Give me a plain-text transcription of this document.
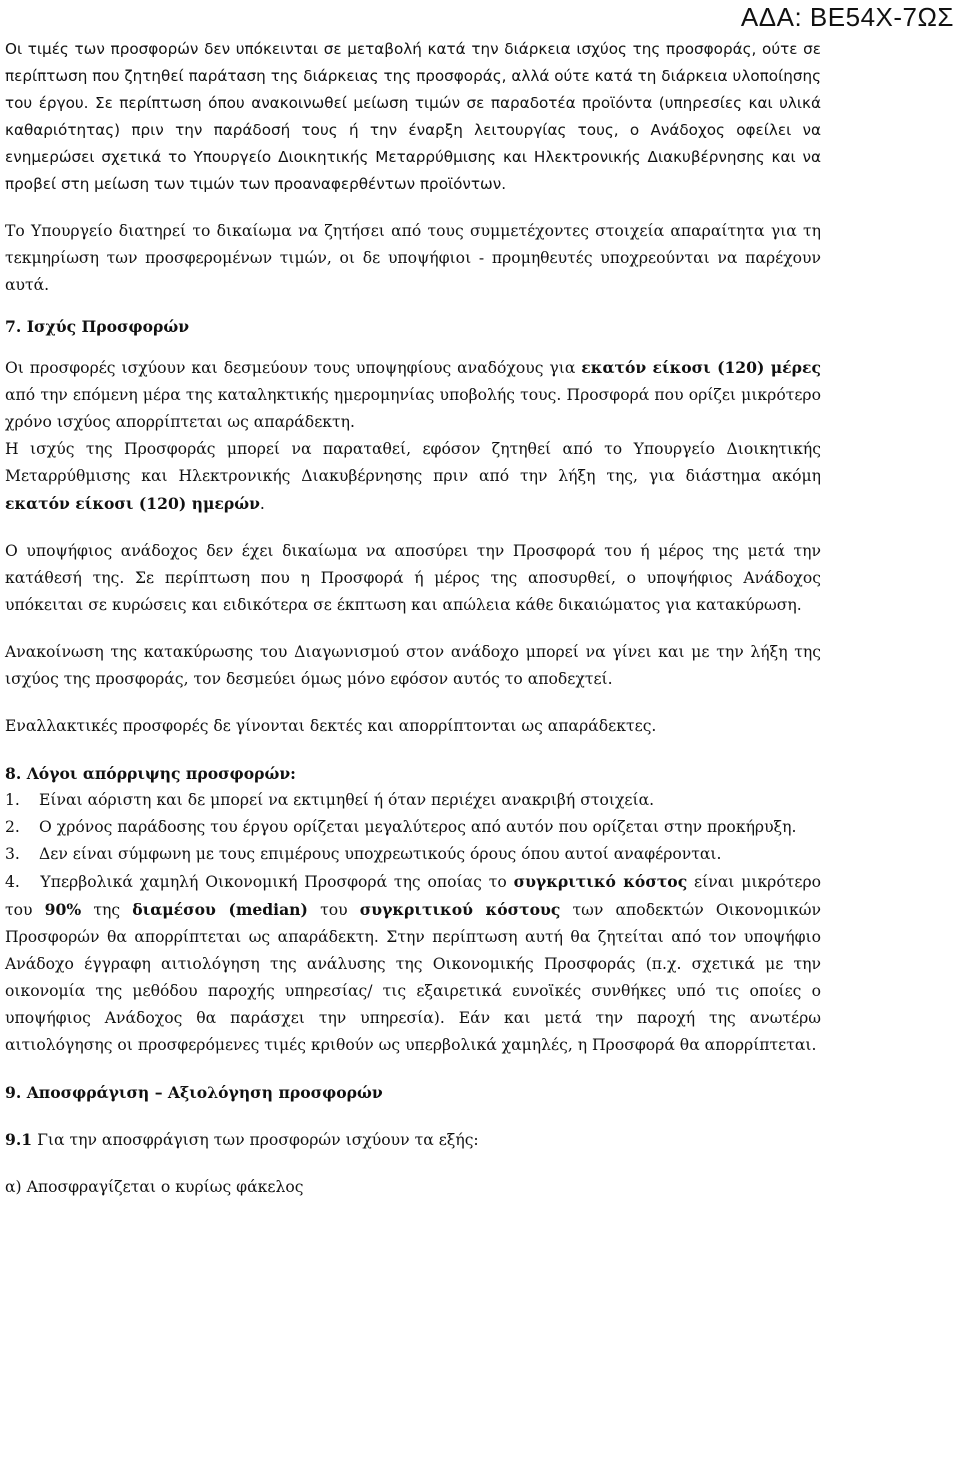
ΑΔΑ: ΒΕ54Χ-7ΩΣ

Οι τιμές των προσφορών δεν υπόκεινται σε μεταβολή κατά την διάρκεια ισχύος της προσφοράς, ούτε σε περίπτωση που ζητηθεί παράταση της διάρκειας της προσφοράς, αλλά ούτε κατά τη διάρκεια υλοποίησης του έργου. Σε περίπτωση όπου ανακοινωθεί μείωση τιμών σε παραδοτέα προϊόντα (υπηρεσίες και υλικά καθαριότητας) πριν την παράδοσή τους ή την έναρξη λειτουργίας τους, ο Ανάδοχος οφείλει να ενημερώσει σχετικά το Υπουργείο Διοικητικής Μεταρρύθμισης και Ηλεκτρονικής Διακυβέρνησης και να προβεί στη μείωση των τιμών των προαναφερθέντων προϊόντων.

Το Υπουργείο διατηρεί το δικαίωμα να ζητήσει από τους συμμετέχοντες στοιχεία απαραίτητα για τη τεκμηρίωση των προσφερομένων τιμών, οι δε υποψήφιοι - προμηθευτές υποχρεούνται να παρέχουν αυτά.

7. Ισχύς Προσφορών

Οι προσφορές ισχύουν και δεσμεύουν τους υποψηφίους αναδόχους για εκατόν είκοσι (120) μέρες από την επόμενη μέρα της καταληκτικής ημερομηνίας υποβολής τους. Προσφορά που ορίζει μικρότερο χρόνο ισχύος απορρίπτεται ως απαράδεκτη.

Η ισχύς της Προσφοράς μπορεί να παραταθεί, εφόσον ζητηθεί από το Υπουργείο Διοικητικής Μεταρρύθμισης και Ηλεκτρονικής Διακυβέρνησης πριν από την λήξη της, για διάστημα ακόμη εκατόν είκοσι (120) ημερών.

Ο υποψήφιος ανάδοχος δεν έχει δικαίωμα να αποσύρει την Προσφορά του ή μέρος της μετά την κατάθεσή της. Σε περίπτωση που η Προσφορά ή μέρος της αποσυρθεί, ο υποψήφιος Ανάδοχος υπόκειται σε κυρώσεις και ειδικότερα σε έκπτωση και απώλεια κάθε δικαιώματος για κατακύρωση.

Ανακοίνωση της κατακύρωσης του Διαγωνισμού στον ανάδοχο μπορεί να γίνει και με την λήξη της ισχύος της προσφοράς, τον δεσμεύει όμως μόνο εφόσον αυτός το αποδεχτεί.

Εναλλακτικές προσφορές δε γίνονται δεκτές και απορρίπτονται ως απαράδεκτες.

8. Λόγοι απόρριψης προσφορών:

1. Είναι αόριστη και δε μπορεί να εκτιμηθεί ή όταν περιέχει ανακριβή στοιχεία.
2. Ο χρόνος παράδοσης του έργου ορίζεται μεγαλύτερος από αυτόν που ορίζεται στην προκήρυξη.
3. Δεν είναι σύμφωνη με τους επιμέρους υποχρεωτικούς όρους όπου αυτοί αναφέρονται.
4. Υπερβολικά χαμηλή Οικονομική Προσφορά της οποίας το συγκριτικό κόστος είναι μικρότερο του 90% της διαμέσου (median) του συγκριτικού κόστους των αποδεκτών Οικονομικών Προσφορών θα απορρίπτεται ως απαράδεκτη. Στην περίπτωση αυτή θα ζητείται από τον υποψήφιο Ανάδοχο έγγραφη αιτιολόγηση της ανάλυσης της Οικονομικής Προσφοράς (π.χ. σχετικά με την οικονομία της μεθόδου παροχής υπηρεσίας/ τις εξαιρετικά ευνοϊκές συνθήκες υπό τις οποίες ο υποψήφιος Ανάδοχος θα παράσχει την υπηρεσία). Εάν και μετά την παροχή της ανωτέρω αιτιολόγησης οι προσφερόμενες τιμές κριθούν ως υπερβολικά χαμηλές, η Προσφορά θα απορρίπτεται.

9. Αποσφράγιση – Αξιολόγηση προσφορών

9.1 Για την αποσφράγιση των προσφορών ισχύουν τα εξής:

α) Αποσφραγίζεται ο κυρίως φάκελος
